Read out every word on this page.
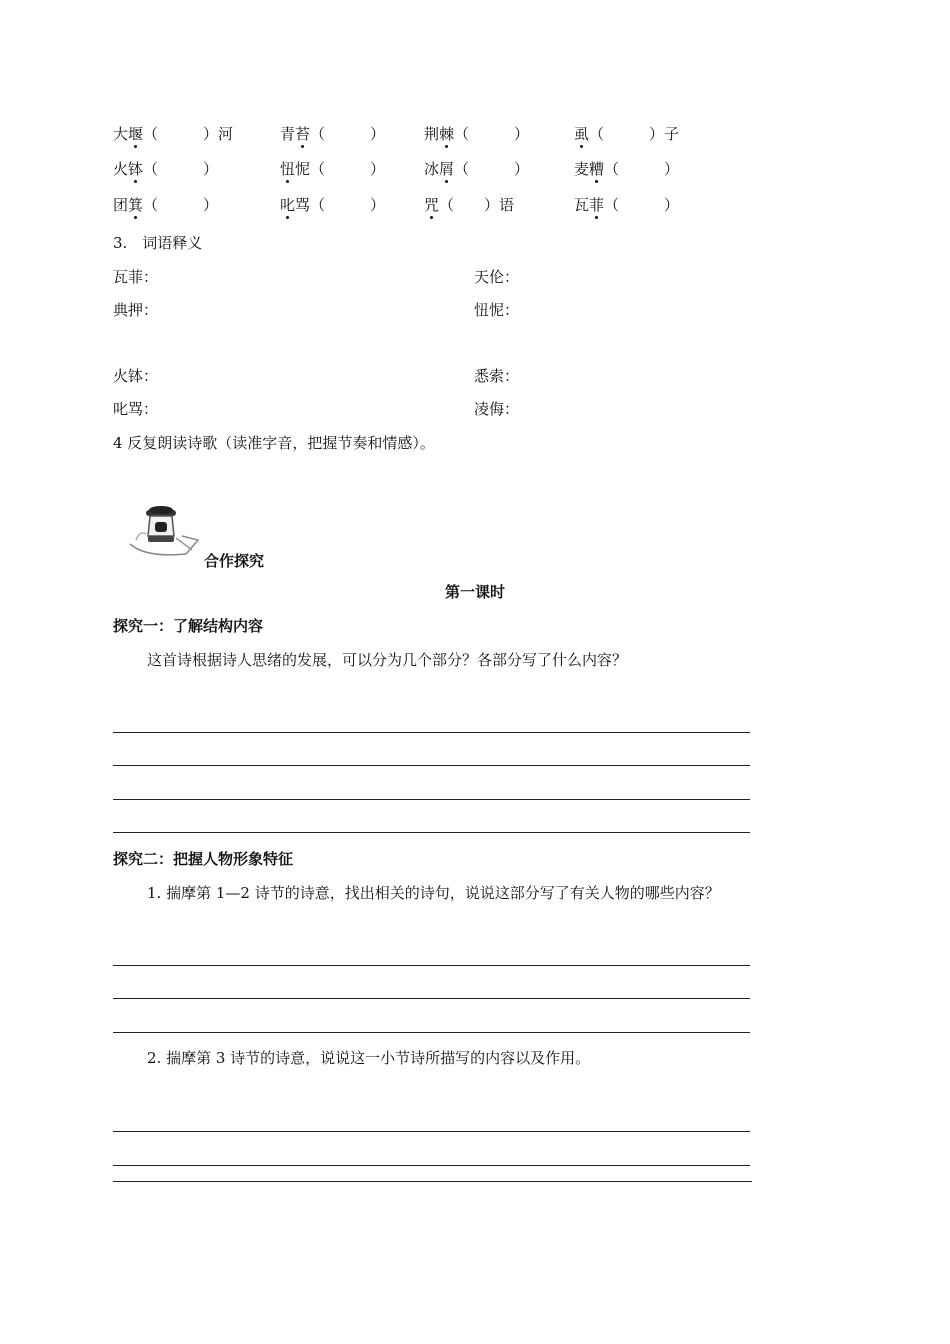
大堰（　　　）河	青苔（　　　）	荆棘（　　　）	虱（　　　）子
火钵（　　　）	忸怩（　　　）	冰屑（　　　）	麦糟（　　　）
团箕（　　　）	叱骂（　　　）	咒（　　）语	瓦菲（　　　）
3.　词语释义
瓦菲：	天伦：
典押：	忸怩：
火钵：	悉索：
叱骂：	凌侮：
4 反复朗读诗歌（读准字音，把握节奏和情感）。
合作探究
第一课时
探究一：了解结构内容
这首诗根据诗人思绪的发展，可以分为几个部分？各部分写了什么内容？
探究二：把握人物形象特征
1. 揣摩第 1—2 诗节的诗意，找出相关的诗句，说说这部分写了有关人物的哪些内容？
2. 揣摩第 3 诗节的诗意，说说这一小节诗所描写的内容以及作用。
